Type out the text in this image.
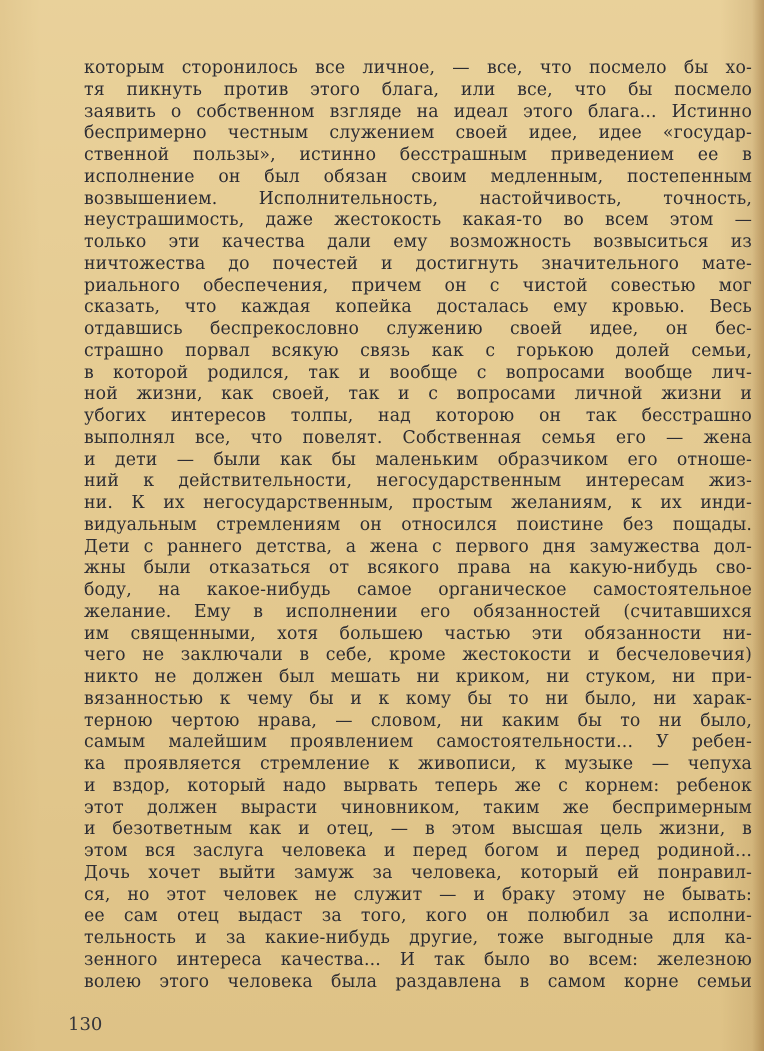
которым сторонилось все личное, — все, что посмело бы хо-
тя пикнуть против этого блага, или все, что бы посмело
заявить о собственном взгляде на идеал этого блага... Истинно
беспримерно честным служением своей идее, идее «государ-
ственной пользы», истинно бесстрашным приведением ее в
исполнение он был обязан своим медленным, постепенным
возвышением. Исполнительность, настойчивость, точность,
неустрашимость, даже жестокость какая-то во всем этом —
только эти качества дали ему возможность возвыситься из
ничтожества до почестей и достигнуть значительного мате-
риального обеспечения, причем он с чистой совестью мог
сказать, что каждая копейка досталась ему кровью. Весь
отдавшись беспрекословно служению своей идее, он бес-
страшно порвал всякую связь как с горькою долей семьи,
в которой родился, так и вообще с вопросами вообще лич-
ной жизни, как своей, так и с вопросами личной жизни и
убогих интересов толпы, над которою он так бесстрашно
выполнял все, что повелят. Собственная семья его — жена
и дети — были как бы маленьким образчиком его отноше-
ний к действительности, негосударственным интересам жиз-
ни. К их негосударственным, простым желаниям, к их инди-
видуальным стремлениям он относился поистине без пощады.
Дети с раннего детства, а жена с первого дня замужества дол-
жны были отказаться от всякого права на какую-нибудь сво-
боду, на какое-нибудь самое органическое самостоятельное
желание. Ему в исполнении его обязанностей (считавшихся
им священными, хотя большею частью эти обязанности ни-
чего не заключали в себе, кроме жестокости и бесчеловечия)
никто не должен был мешать ни криком, ни стуком, ни при-
вязанностью к чему бы и к кому бы то ни было, ни харак-
терною чертою нрава, — словом, ни каким бы то ни было,
самым малейшим проявлением самостоятельности... У ребен-
ка проявляется стремление к живописи, к музыке — чепуха
и вздор, который надо вырвать теперь же с корнем: ребенок
этот должен вырасти чиновником, таким же беспримерным
и безответным как и отец, — в этом высшая цель жизни, в
этом вся заслуга человека и перед богом и перед родиной...
Дочь хочет выйти замуж за человека, который ей понравил-
ся, но этот человек не служит — и браку этому не бывать:
ее сам отец выдаст за того, кого он полюбил за исполни-
тельность и за какие-нибудь другие, тоже выгодные для ка-
зенного интереса качества... И так было во всем: железною
волею этого человека была раздавлена в самом корне семьи
130
